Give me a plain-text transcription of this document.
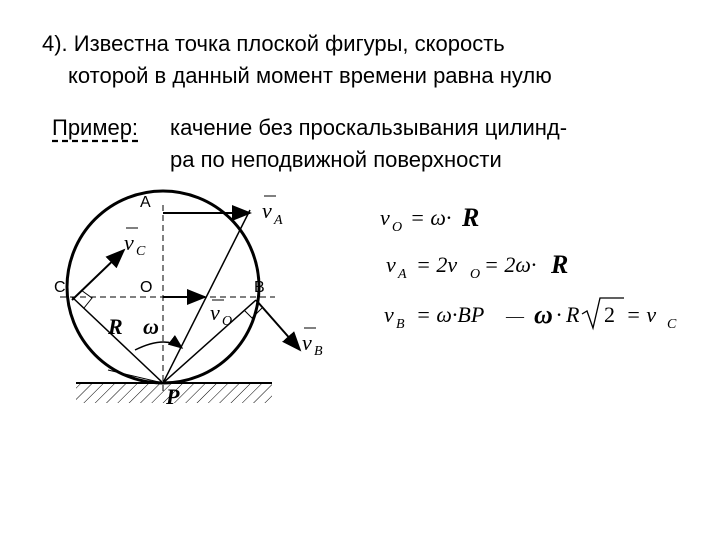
4). Известна точка плоской фигуры, скорость
которой в данный момент времени равна нулю
Пример: качение без проскальзывания цилинд-
ра по неподвижной поверхности
A
C	O	B
P
R ω
v A
v C
v O
v B
v O = ω· R
v A = 2v O = 2ω· R
v B = ω·BP — ω · R 2 = v C
